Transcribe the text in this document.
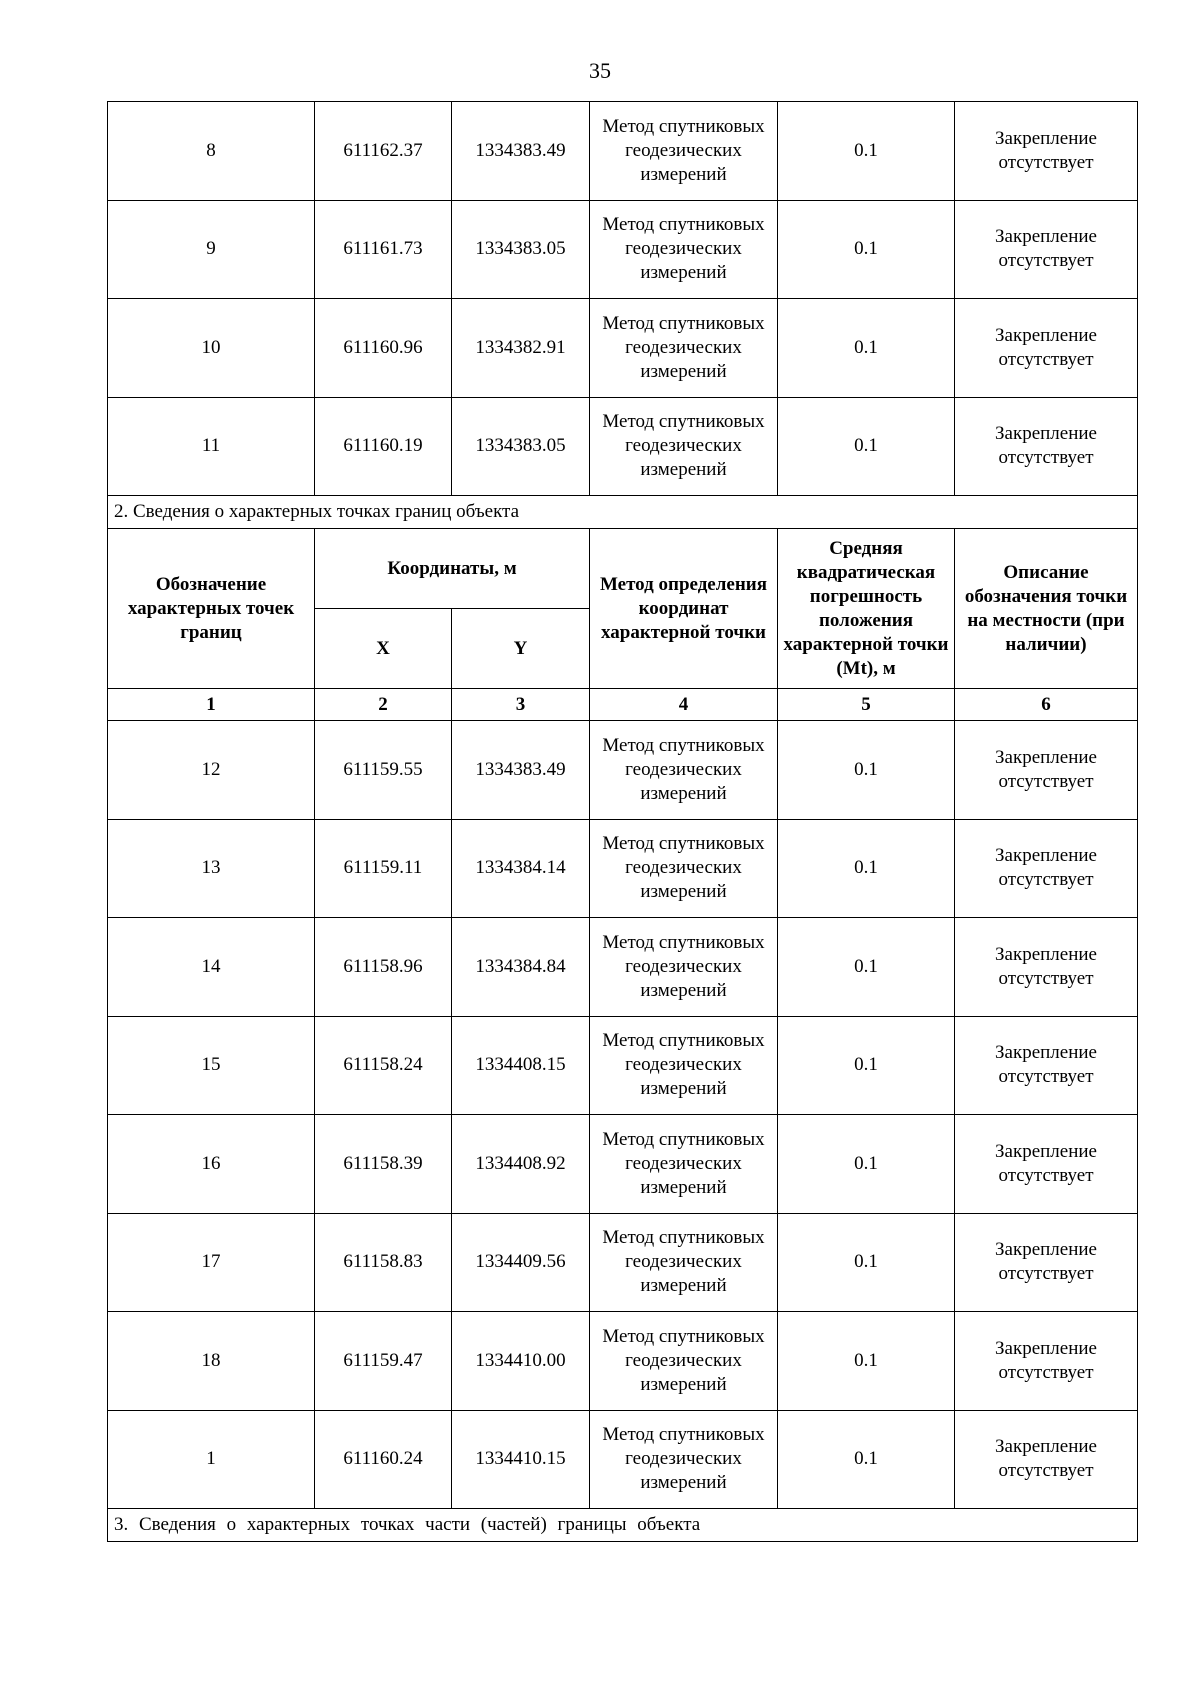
35
8	611162.37	1334383.49	Метод спутниковых геодезических измерений	0.1	Закрепление отсутствует
9	611161.73	1334383.05	Метод спутниковых геодезических измерений	0.1	Закрепление отсутствует
10	611160.96	1334382.91	Метод спутниковых геодезических измерений	0.1	Закрепление отсутствует
11	611160.19	1334383.05	Метод спутниковых геодезических измерений	0.1	Закрепление отсутствует
2. Сведения о характерных точках границ объекта					
Обозначение характерных точек границ	Координаты, м		Метод определения координат характерной точки	Средняя квадратическая погрешность положения характерной точки (Mt), м	Описание обозначения точки на местности (при наличии)
	X	Y			
1	2	3	4	5	6
12	611159.55	1334383.49	Метод спутниковых геодезических измерений	0.1	Закрепление отсутствует
13	611159.11	1334384.14	Метод спутниковых геодезических измерений	0.1	Закрепление отсутствует
14	611158.96	1334384.84	Метод спутниковых геодезических измерений	0.1	Закрепление отсутствует
15	611158.24	1334408.15	Метод спутниковых геодезических измерений	0.1	Закрепление отсутствует
16	611158.39	1334408.92	Метод спутниковых геодезических измерений	0.1	Закрепление отсутствует
17	611158.83	1334409.56	Метод спутниковых геодезических измерений	0.1	Закрепление отсутствует
18	611159.47	1334410.00	Метод спутниковых геодезических измерений	0.1	Закрепление отсутствует
1	611160.24	1334410.15	Метод спутниковых геодезических измерений	0.1	Закрепление отсутствует
3. Сведения о характерных точках части (частей) границы объекта					
